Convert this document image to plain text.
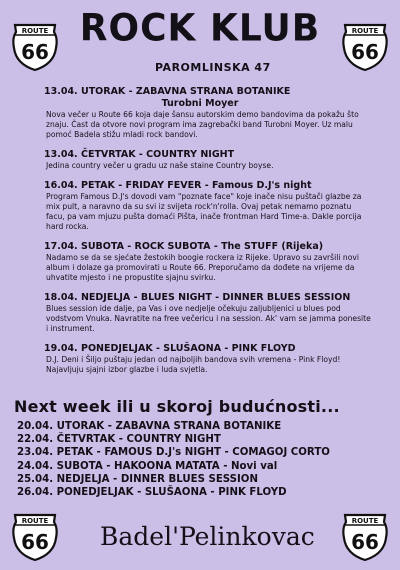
ROUTE
66
ROUTE
66
ROUTE
66
ROUTE
66
ROCK KLUB
PAROMLINSKA 47
13.04. UTORAK - ZABAVNA STRANA BOTANIKE
Turobni Moyer
Nova večer u Route 66 koja daje šansu autorskim demo bandovima da pokažu što znaju. Čast da otvore novi program ima zagrebački band Turobni Moyer. Uz malu pomoć Badela stižu mladi rock bandovi.
13.04. ČETVRTAK - COUNTRY NIGHT
Jedina country večer u gradu uz naše staine Country boyse.
16.04. PETAK - FRIDAY FEVER - Famous D.J's night
Program Famous D.J's dovodi vam "poznate face" koje inače nisu puštači glazbe za mix pult, a naravno da su svi iz svijeta rock'n'rolla. Ovaj petak nemamo poznatu facu, pa vam mjuzu pušta domaći Pišta, inače frontman Hard Time-a. Dakle porcija hard rocka.
17.04. SUBOTA - ROCK SUBOTA - The STUFF (Rijeka)
Nadamo se da se sjećate žestokih boogie rockera iz Rijeke. Upravo su završili novi album i dolaze ga promovirati u Route 66. Preporučamo da dođete na vrijeme da uhvatite mjesto i ne propustite sjajnu svirku.
18.04. NEDJELJA - BLUES NIGHT - DINNER BLUES SESSION
Blues session ide dalje, pa Vas i ove nedjelje očekuju zaljubljenici u blues pod vodstvom Vnuka. Navratite na free večericu i na session. Ak' vam se jamma ponesite i instrument.
19.04. PONEDJELJAK - SLUŠAONA - PINK FLOYD
D.J. Deni i Šiljo puštaju jedan od najboljih bandova svih vremena - Pink Floyd! Najavljuju sjajni izbor glazbe i luda svjetla.
Next week ili u skoroj budućnosti...
20.04. UTORAK - ZABAVNA STRANA BOTANIKE
22.04. ČETVRTAK - COUNTRY NIGHT
23.04. PETAK - FAMOUS D.J's NIGHT - COMAGOJ CORTO
24.04. SUBOTA - HAKOONA MATATA - Novi val
25.04. NEDJELJA - DINNER BLUES SESSION
26.04. PONEDJELJAK - SLUŠAONA - PINK FLOYD
Badel'Pelinkovac
